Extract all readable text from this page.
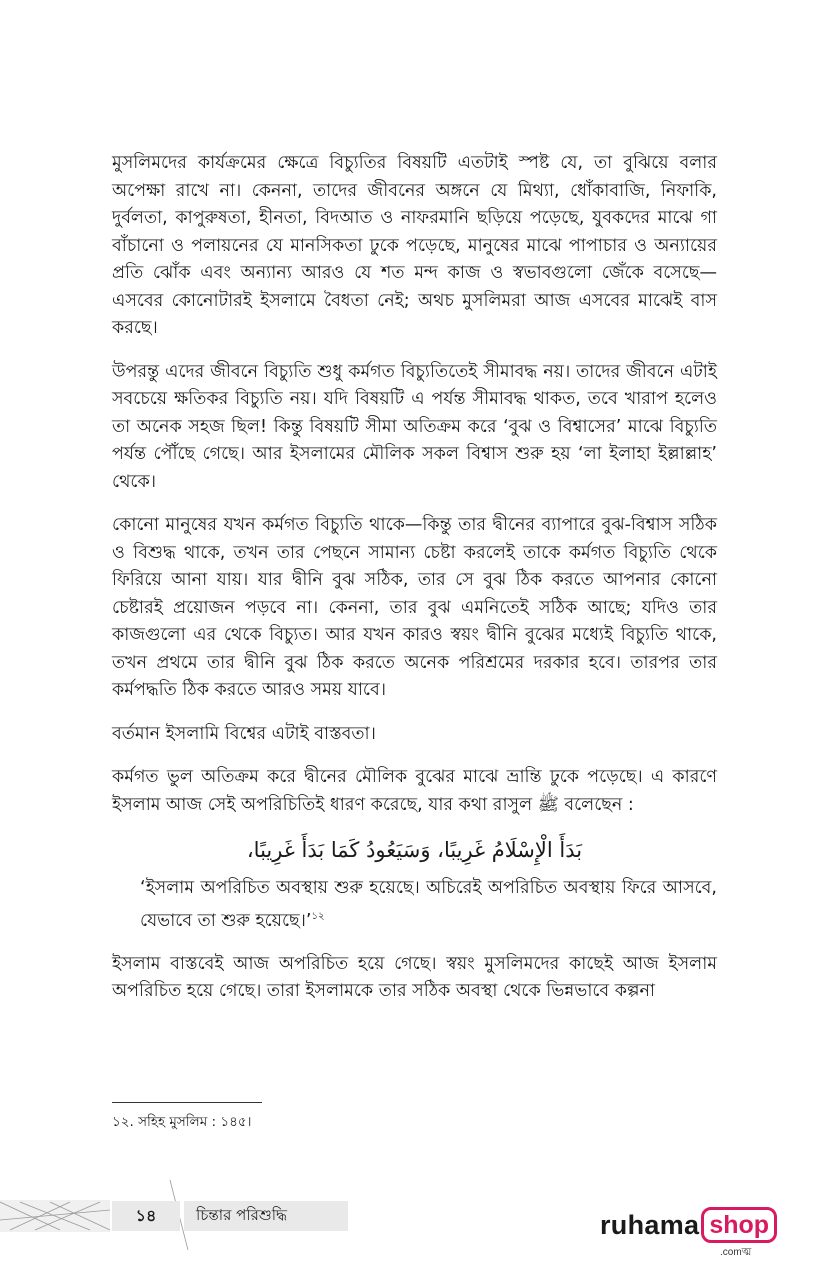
মুসলিমদের কার্যক্রমের ক্ষেত্রে বিচ্যুতির বিষয়টি এতটাই স্পষ্ট যে, তা বুঝিয়ে বলার অপেক্ষা রাখে না। কেননা, তাদের জীবনের অঙ্গনে যে মিথ্যা, ধোঁকাবাজি, নিফাকি, দুর্বলতা, কাপুরুষতা, হীনতা, বিদআত ও নাফরমানি ছড়িয়ে পড়েছে, যুবকদের মাঝে গা বাঁচানো ও পলায়নের যে মানসিকতা ঢুকে পড়েছে, মানুষের মাঝে পাপাচার ও অন্যায়ের প্রতি ঝোঁক এবং অন্যান্য আরও যে শত মন্দ কাজ ও স্বভাবগুলো জেঁকে বসেছে—এসবের কোনোটারই ইসলামে বৈধতা নেই; অথচ মুসলিমরা আজ এসবের মাঝেই বাস করছে।

উপরন্তু এদের জীবনে বিচ্যুতি শুধু কর্মগত বিচ্যুতিতেই সীমাবদ্ধ নয়। তাদের জীবনে এটাই সবচেয়ে ক্ষতিকর বিচ্যুতি নয়। যদি বিষয়টি এ পর্যন্ত সীমাবদ্ধ থাকত, তবে খারাপ হলেও তা অনেক সহজ ছিল! কিন্তু বিষয়টি সীমা অতিক্রম করে ‘বুঝ ও বিশ্বাসের’ মাঝে বিচ্যুতি পর্যন্ত পৌঁছে গেছে। আর ইসলামের মৌলিক সকল বিশ্বাস শুরু হয় ‘লা ইলাহা ইল্লাল্লাহ’ থেকে।

কোনো মানুষের যখন কর্মগত বিচ্যুতি থাকে—কিন্তু তার দ্বীনের ব্যাপারে বুঝ-বিশ্বাস সঠিক ও বিশুদ্ধ থাকে, তখন তার পেছনে সামান্য চেষ্টা করলেই তাকে কর্মগত বিচ্যুতি থেকে ফিরিয়ে আনা যায়। যার দ্বীনি বুঝ সঠিক, তার সে বুঝ ঠিক করতে আপনার কোনো চেষ্টারই প্রয়োজন পড়বে না। কেননা, তার বুঝ এমনিতেই সঠিক আছে; যদিও তার কাজগুলো এর থেকে বিচ্যুত। আর যখন কারও স্বয়ং দ্বীনি বুঝের মধ্যেই বিচ্যুতি থাকে, তখন প্রথমে তার দ্বীনি বুঝ ঠিক করতে অনেক পরিশ্রমের দরকার হবে। তারপর তার কর্মপদ্ধতি ঠিক করতে আরও সময় যাবে।

বর্তমান ইসলামি বিশ্বের এটাই বাস্তবতা।

কর্মগত ভুল অতিক্রম করে দ্বীনের মৌলিক বুঝের মাঝে ভ্রান্তি ঢুকে পড়েছে। এ কারণে ইসলাম আজ সেই অপরিচিতিই ধারণ করেছে, যার কথা রাসুল ﷺ বলেছেন :

بَدَأَ الْإِسْلَامُ غَرِيبًا، وَسَيَعُودُ كَمَا بَدَأَ غَرِيبًا،

‘ইসলাম অপরিচিত অবস্থায় শুরু হয়েছে। অচিরেই অপরিচিত অবস্থায় ফিরে আসবে, যেভাবে তা শুরু হয়েছে।’$^{১২}$

ইসলাম বাস্তবেই আজ অপরিচিত হয়ে গেছে। স্বয়ং মুসলিমদের কাছেই আজ ইসলাম অপরিচিত হয়ে গেছে। তারা ইসলামকে তার সঠিক অবস্থা থেকে ভিন্নভাবে কল্পনা

১২. সহিহ মুসলিম : ১৪৫।
১৪	চিন্তার পরিশুদ্ধি	ruhama shop
.comত্ম
